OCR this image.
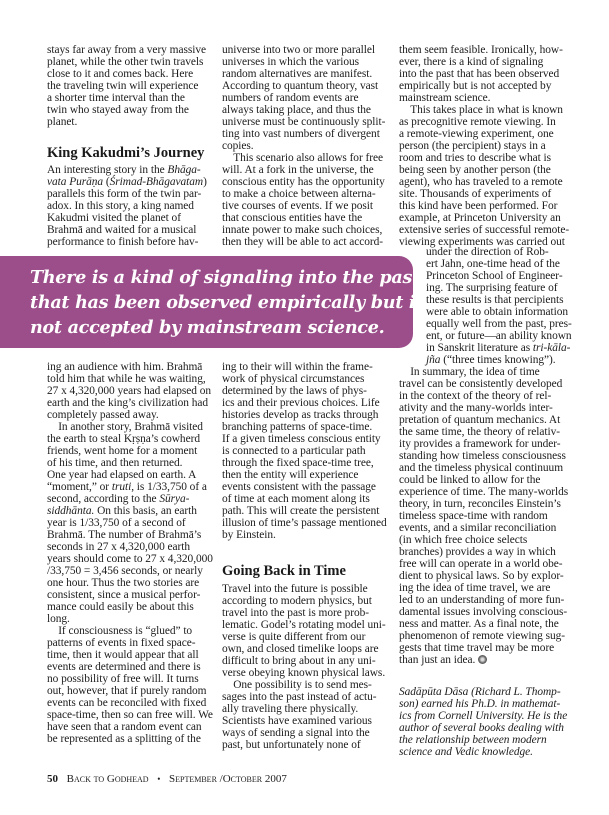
stays far away from a very massive
planet, while the other twin travels
close to it and comes back. Here
the traveling twin will experience
a shorter time interval than the
twin who stayed away from the
planet.
King Kakudmi’s Journey
An interesting story in the Bhāga-
vata Purāṇa (Śrimad-Bhāgavatam)
parallels this form of the twin par-
adox. In this story, a king named
Kakudmi visited the planet of
Brahmā and waited for a musical
performance to finish before hav-
ing an audience with him. Brahmā
told him that while he was waiting,
27 x 4,320,000 years had elapsed on
earth and the king’s civilization had
completely passed away.
In another story, Brahmā visited
the earth to steal Kṛṣṇa’s cowherd
friends, went home for a moment
of his time, and then returned.
One year had elapsed on earth. A
“moment,” or truti, is 1/33,750 of a
second, according to the Sūrya-
siddhānta. On this basis, an earth
year is 1/33,750 of a second of
Brahmā. The number of Brahmā’s
seconds in 27 x 4,320,000 earth
years should come to 27 x 4,320,000
/33,750 = 3,456 seconds, or nearly
one hour. Thus the two stories are
consistent, since a musical perfor-
mance could easily be about this
long.
If consciousness is “glued” to
patterns of events in fixed space-
time, then it would appear that all
events are determined and there is
no possibility of free will. It turns
out, however, that if purely random
events can be reconciled with fixed
space-time, then so can free will. We
have seen that a random event can
be represented as a splitting of the
universe into two or more parallel
universes in which the various
random alternatives are manifest.
According to quantum theory, vast
numbers of random events are
always taking place, and thus the
universe must be continuously split-
ting into vast numbers of divergent
copies.
This scenario also allows for free
will. At a fork in the universe, the
conscious entity has the opportunity
to make a choice between alterna-
tive courses of events. If we posit
that conscious entities have the
innate power to make such choices,
then they will be able to act accord-
ing to their will within the frame-
work of physical circumstances
determined by the laws of phys-
ics and their previous choices. Life
histories develop as tracks through
branching patterns of space-time.
If a given timeless conscious entity
is connected to a particular path
through the fixed space-time tree,
then the entity will experience
events consistent with the passage
of time at each moment along its
path. This will create the persistent
illusion of time’s passage mentioned
by Einstein.
Going Back in Time
Travel into the future is possible
according to modern physics, but
travel into the past is more prob-
lematic. Godel’s rotating model uni-
verse is quite different from our
own, and closed timelike loops are
difficult to bring about in any uni-
verse obeying known physical laws.
One possibility is to send mes-
sages into the past instead of actu-
ally traveling there physically.
Scientists have examined various
ways of sending a signal into the
past, but unfortunately none of
them seem feasible. Ironically, how-
ever, there is a kind of signaling
into the past that has been observed
empirically but is not accepted by
mainstream science.
This takes place in what is known
as precognitive remote viewing. In
a remote-viewing experiment, one
person (the percipient) stays in a
room and tries to describe what is
being seen by another person (the
agent), who has traveled to a remote
site. Thousands of experiments of
this kind have been performed. For
example, at Princeton University an
extensive series of successful remote-
viewing experiments was carried out
under the direction of Rob-
ert Jahn, one-time head of the
Princeton School of Engineer-
ing. The surprising feature of
these results is that percipients
were able to obtain information
equally well from the past, pres-
ent, or future—an ability known
in Sanskrit literature as tri-kāla-
jña (“three times knowing”).
In summary, the idea of time
travel can be consistently developed
in the context of the theory of rel-
ativity and the many-worlds inter-
pretation of quantum mechanics. At
the same time, the theory of relativ-
ity provides a framework for under-
standing how timeless consciousness
and the timeless physical continuum
could be linked to allow for the
experience of time. The many-worlds
theory, in turn, reconciles Einstein’s
timeless space-time with random
events, and a similar reconciliation
(in which free choice selects
branches) provides a way in which
free will can operate in a world obe-
dient to physical laws. So by explor-
ing the idea of time travel, we are
led to an understanding of more fun-
damental issues involving conscious-
ness and matter. As a final note, the
phenomenon of remote viewing sug-
gests that time travel may be more
than just an idea.
Sadāpūta Dāsa (Richard L. Thomp-
son) earned his Ph.D. in mathemat-
ics from Cornell University. He is the
author of several books dealing with
the relationship between modern
science and Vedic knowledge.
There is a kind of signaling into the past
that has been observed empirically but is
not accepted by mainstream science.
50 Back to Godhead • September /October 2007
